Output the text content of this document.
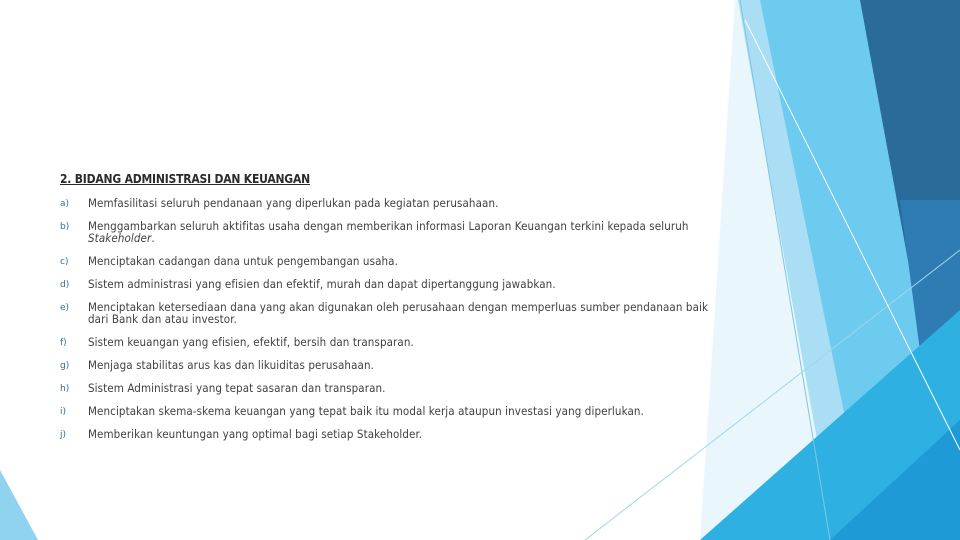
2. BIDANG ADMINISTRASI DAN KEUANGAN
a)	Memfasilitasi seluruh pendanaan yang diperlukan pada kegiatan perusahaan.
b)	Menggambarkan seluruh aktifitas usaha dengan memberikan informasi Laporan Keuangan terkini kepada seluruh Stakeholder.
c)	Menciptakan cadangan dana untuk pengembangan usaha.
d)	Sistem administrasi yang efisien dan efektif, murah dan dapat dipertanggung jawabkan.
e)	Menciptakan ketersediaan dana yang akan digunakan oleh perusahaan dengan memperluas sumber pendanaan baik dari Bank dan atau investor.
f)	Sistem keuangan yang efisien, efektif, bersih dan transparan.
g)	Menjaga stabilitas arus kas dan likuiditas perusahaan.
h)	Sistem Administrasi yang tepat sasaran dan transparan.
i)	Menciptakan skema-skema keuangan yang tepat baik itu modal kerja ataupun investasi yang diperlukan.
j)	Memberikan keuntungan yang optimal bagi setiap Stakeholder.
